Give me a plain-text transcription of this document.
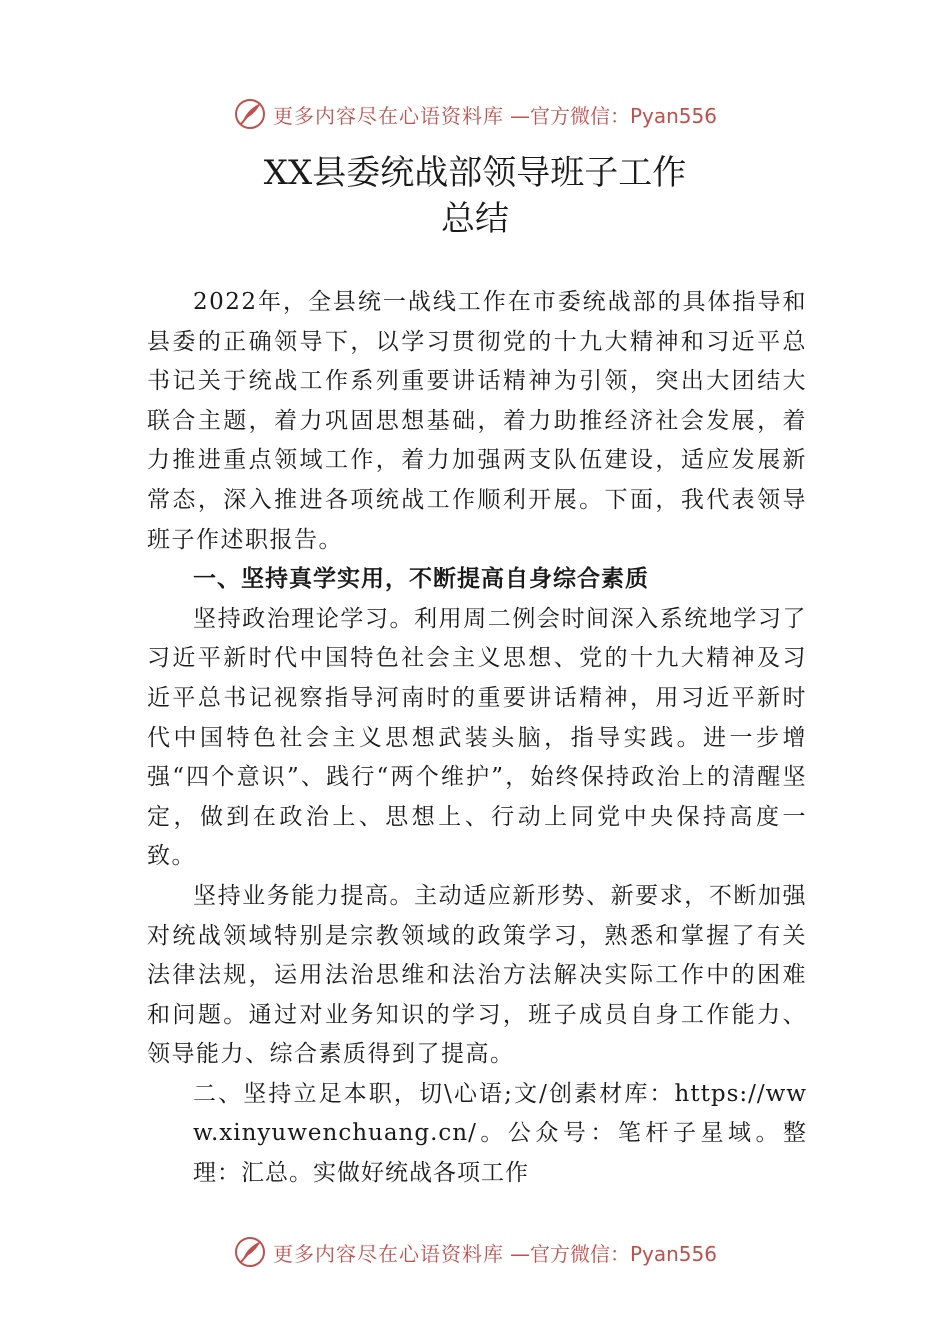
更多内容尽在心语资料库 —官方微信：Pyan556
XX县委统战部领导班子工作
总结

2022年，全县统一战线工作在市委统战部的具体指导和县委的正确领导下，以学习贯彻党的十九大精神和习近平总书记关于统战工作系列重要讲话精神为引领，突出大团结大联合主题，着力巩固思想基础，着力助推经济社会发展，着力推进重点领域工作，着力加强两支队伍建设，适应发展新常态，深入推进各项统战工作顺利开展。下面，我代表领导班子作述职报告。

一、坚持真学实用，不断提高自身综合素质

坚持政治理论学习。利用周二例会时间深入系统地学习了习近平新时代中国特色社会主义思想、党的十九大精神及习近平总书记视察指导河南时的重要讲话精神，用习近平新时代中国特色社会主义思想武装头脑，指导实践。进一步增强“四个意识”、践行“两个维护”，始终保持政治上的清醒坚定，做到在政治上、思想上、行动上同党中央保持高度一致。

坚持业务能力提高。主动适应新形势、新要求，不断加强对统战领域特别是宗教领域的政策学习，熟悉和掌握了有关法律法规，运用法治思维和法治方法解决实际工作中的困难和问题。通过对业务知识的学习，班子成员自身工作能力、领导能力、综合素质得到了提高。

二、坚持立足本职，切\心语;文/创素材库：https://www.xinyuwenchuang.cn/。公众号：笔杆子星域。整理：汇总。实做好统战各项工作

更多内容尽在心语资料库 —官方微信：Pyan556
